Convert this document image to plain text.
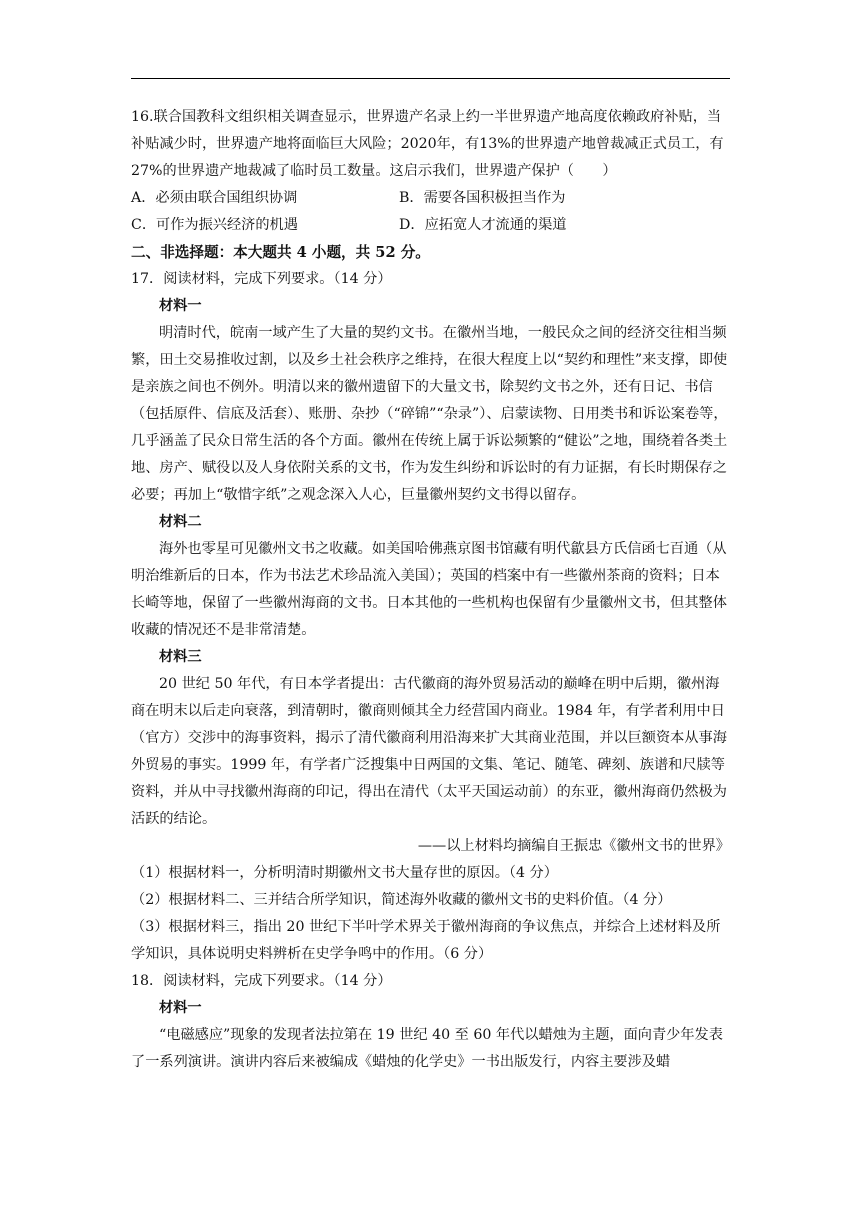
16.联合国教科文组织相关调查显示，世界遗产名录上约一半世界遗产地高度依赖政府补贴，当补贴减少时，世界遗产地将面临巨大风险；2020年，有13%的世界遗产地曾裁减正式员工，有27%的世界遗产地裁减了临时员工数量。这启示我们，世界遗产保护（　　）

A．必须由联合国组织协调	B．需要各国积极担当作为
C．可作为振兴经济的机遇	D．应拓宽人才流通的渠道

二、非选择题：本大题共 4 小题，共 52 分。

17．阅读材料，完成下列要求。（14 分）

材料一

明清时代，皖南一域产生了大量的契约文书。在徽州当地，一般民众之间的经济交往相当频繁，田土交易推收过割，以及乡土社会秩序之维持，在很大程度上以“契约和理性”来支撑，即使是亲族之间也不例外。明清以来的徽州遗留下的大量文书，除契约文书之外，还有日记、书信（包括原件、信底及活套）、账册、杂抄（“碎锦”“杂录”）、启蒙读物、日用类书和诉讼案卷等，几乎涵盖了民众日常生活的各个方面。徽州在传统上属于诉讼频繁的“健讼”之地，围绕着各类土地、房产、赋役以及人身依附关系的文书，作为发生纠纷和诉讼时的有力证据，有长时期保存之必要；再加上“敬惜字纸”之观念深入人心，巨量徽州契约文书得以留存。

材料二

海外也零星可见徽州文书之收藏。如美国哈佛燕京图书馆藏有明代歙县方氏信函七百通（从明治维新后的日本，作为书法艺术珍品流入美国）；英国的档案中有一些徽州茶商的资料；日本长崎等地，保留了一些徽州海商的文书。日本其他的一些机构也保留有少量徽州文书，但其整体收藏的情况还不是非常清楚。

材料三

20 世纪 50 年代，有日本学者提出：古代徽商的海外贸易活动的巅峰在明中后期，徽州海商在明末以后走向衰落，到清朝时，徽商则倾其全力经营国内商业。1984 年，有学者利用中日（官方）交涉中的海事资料，揭示了清代徽商利用沿海来扩大其商业范围，并以巨额资本从事海外贸易的事实。1999 年，有学者广泛搜集中日两国的文集、笔记、随笔、碑刻、族谱和尺牍等资料，并从中寻找徽州海商的印记，得出在清代（太平天国运动前）的东亚，徽州海商仍然极为活跃的结论。

——以上材料均摘编自王振忠《徽州文书的世界》

（1）根据材料一，分析明清时期徽州文书大量存世的原因。（4 分）

（2）根据材料二、三并结合所学知识，简述海外收藏的徽州文书的史料价值。（4 分）

（3）根据材料三，指出 20 世纪下半叶学术界关于徽州海商的争议焦点，并综合上述材料及所学知识，具体说明史料辨析在史学争鸣中的作用。（6 分）

18．阅读材料，完成下列要求。（14 分）

材料一

“电磁感应”现象的发现者法拉第在 19 世纪 40 至 60 年代以蜡烛为主题，面向青少年发表了一系列演讲。演讲内容后来被编成《蜡烛的化学史》一书出版发行，内容主要涉及蜡
